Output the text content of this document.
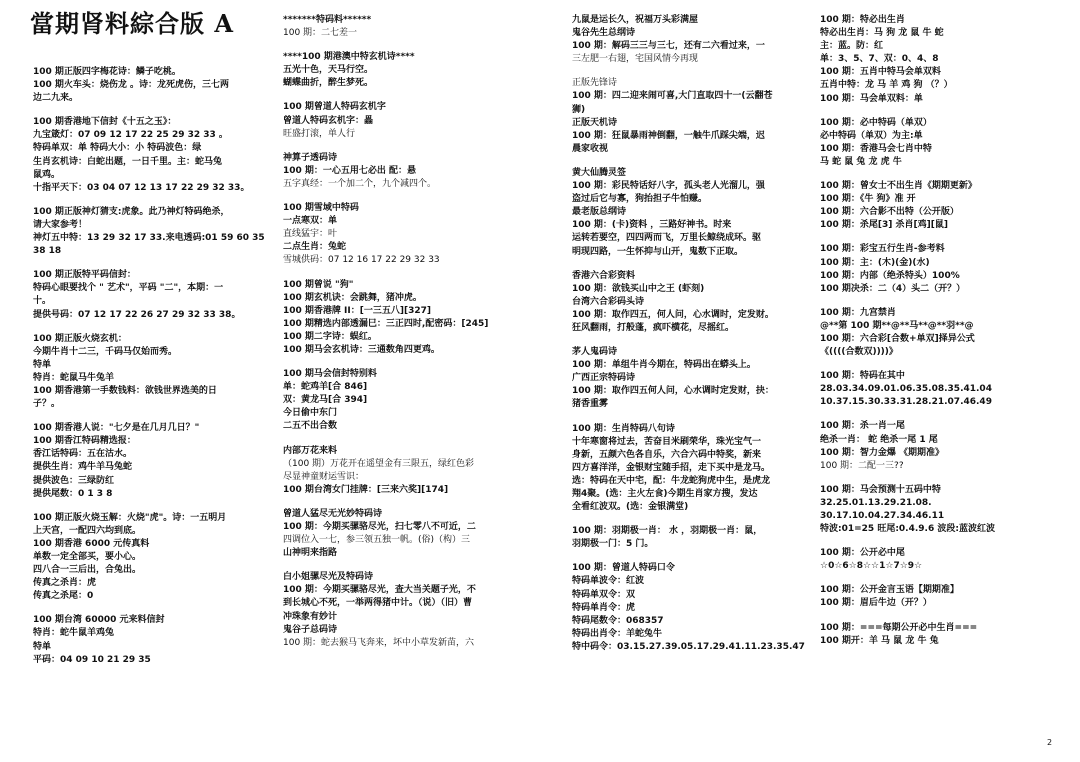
當期肾料綜合版 A
100 期正版四字梅花诗：鳞子吃桃。
100 期火车头：烧伤龙 。诗：龙死虎伤，三七两
边二九来。
100 期香港地下信封《十五之玉》：
九宝箴灯：07 09 12 17 22 25 29 32 33 。
特码单双：单 特码大小：小 特码波色：绿
生肖玄机诗：白蛇出题，一日千里。主：蛇马兔
鼠鸡。
十指平天下：03 04 07 12 13 17 22 29 32 33。
100 期正版神灯猜支:虎象。此乃神灯特码绝杀，
请大家参考！
神灯五中特：13 29 32 17 33.来电透码:01 59 60 35
38 18
100 期正版特平码信封：
特码心眼要找个 " 艺术"，平码 "二"，本期：一
十。
提供号码：07 12 17 22 26 27 29 32 33 38。
100 期正版火烧玄机：
今期牛肖十二三，千码马仅始而秀。
特单
特肖：蛇鼠马牛兔羊
100 期香港第一手数钱料：欲钱世界选美的日
子？。
100 期香港人说："七夕是在几月几日？"
100 期香江特码精选报：
香江话特码：五在沽水。
提供生肖：鸡牛羊马兔蛇
提供波色：三绿防红
提供尾数：0 1 3 8
100 期正版火烧玉解：火烧"虎"。诗：一五明月
上天宫，一配四六均到底。
100 期香港 6000 元传真料
单数一定全部买，要小心。
四八合一三后出，合兔出。
传真之杀肖：虎
传真之杀尾：0
100 期台湾 60000 元来料信封
特肖：蛇牛鼠羊鸡兔
特单
平码：04 09 10 21 29 35
*******特码料******
100 期：二七差一
****100 期港澳中特玄机诗****
五光十色，天马行空。
蝴蝶曲折，醉生梦死。
100 期曾道人特码玄机字
曾道人特码玄机字：畾
旺盛打滚，单人行
神算子透码诗
100 期：一心五用七必出 配：悬
五字真经：一个加二个，九个减四个。
100 期雪域中特码
一点寒双：单
直线猛宇：叶
二点生肖：兔蛇
雪城供码：07 12 16 17 22 29 32 33
100 期曾说 "狗"
100 期玄机诀：会跳舞，猪冲虎。
100 期香港牌 II：[一三五八][327]
100 期精选内部透漏巳：三正四时,配密码：[245]
100 期二字诗：蜈红。
100 期马会玄机诗：三通数角四更鸡。
100 期马会信封特别料
单：蛇鸡羊[合 846]
双：黄龙马[合 394]
今日偷中东门
二五不出合数
内部万花来料
（100 期）万花开在遥望金有三限五，绿红色彩
尽显神童财运雪识：
100 期台湾女门挂牌：[三来六奖][174]
曾道人猛尽无光妙特码诗
100 期：今期买骡骆尽光，扫七零八不可近，二
四调位入一七，参三领五独一帆。(俗)（构）三
山神明来指路
白小姐骡尽光及特码诗
100 期：今期买骡骆尽光，查大当关题子光，不
到长城心不死，一举两得猪中计。（说）（旧）曹
冲珠象有妙计
鬼谷子总码诗
100 期：蛇去猴马飞奔来，坏中小草发新苗，六
九鼠是运长久，祝福万头彩满屋
鬼谷先生总纲诗
100 期：解码三三与三七，还有二六看过来，一
三左肥一右翅，宅国风情今再现
正版先锋诗
100 期：四二迎来闹可喜,大门直取四十一(云翻苍
狮)
正版天机诗
100 期：狂鼠暴雨神倒翻，一触牛爪踩尖端，迟
晨家收视
黄大仙腾灵签
100 期：彩民特话好八字，孤头老人光溜儿，强
盗过后它与寡，狗抬担子牛怕赚。
最老版总纲诗
100 期：(卡)资料 ，三路好神书。时来
运转若要空，四四两而飞，万里长鲸绕成环。驱
明现四路，一生怀抑与山开，鬼数下正取。
香港六合彩资料
100 期：欲钱买山中之王 (虾刻)
台湾六合彩码头诗
100 期：取作四五，何人问，心水调时，定发财。
狂风翻雨，打般蓬，疯吓横花，尽摇红。
茅人鬼码诗
100 期：单组牛肖今期在，特码出在蟒头上。
广西正宗特码诗
100 期：取作四五何人问，心水调时定发财，抉：
猪香重雾
100 期：生肖特码八句诗
十年寒窗将过去，苦奋目米刷荣华，珠光宝气一
身新，五颜六色各自乐，六合六码中特奖，新来
四方喜洋洋，金银财宝随手招，走下买中是龙马。
选：特码在天中宅，配：牛龙蛇狗虎中生，是虎龙
翔4聚。(选：主火左食)今期生肖家方搜，发达
全看红波双。(选：金银满堂)
100 期：羽期极一肖： 水 ，羽期极一肖：鼠，
羽期极一门：5 门。
100 期：曾道人特码口令
特码单波令：红波
特码单双令：双
特码单肖令：虎
特码尾数令：068357
特码出肖令：羊蛇兔牛
特中码令：03.15.27.39.05.17.29.41.11.23.35.47
100 期：特必出生肖
特必出生肖：马 狗 龙 鼠 牛 蛇
主：蓝。防：红
单：3、5、7、双：0、4、8
100 期：五肖中特马会单双料
五肖中特：龙 马 羊 鸡 狗 （？）
100 期：马会单双料：单
100 期：必中特码（单双）
必中特码（单双）为主:单
100 期：香港马会七肖中特
马 蛇 鼠 兔 龙 虎 牛
100 期：曾女士不出生肖《期期更新》
100 期：《牛 狗》准 开
100 期：六合影不出特（公开版）
100 期：杀尾[3] 杀肖[鸡][鼠]
100 期：彩宝五行生肖-参考料
100 期：主：(木)(金)(水)
100 期：内部（绝杀特头）100%
100 期决杀：二（4）头二（开？）
100 期：九宫禁肖
@**第 100 期**@**马**@**羽**@
100 期：六合彩[合数+单双]择异公式
《((((合数双))))》
100 期：特码在其中
28.03.34.09.01.06.35.08.35.41.04
10.37.15.30.33.31.28.21.07.46.49
100 期：杀一肖一尾
绝杀一肖： 蛇 绝杀一尾 1 尾
100 期：智力金爆 《期期准》
100 期：二配一三??
100 期：马会预测十五码中特
32.25.01.13.29.21.08.
30.17.10.04.27.34.46.11
特波:01=25 旺尾:0.4.9.6 波段:蓝波红波
100 期：公开必中尾
☆0☆6☆8☆☆1☆7☆9☆
100 期：公开金言玉语【期期准】
100 期：眉后牛边（开？）
100 期：===每期公开必中生肖===
100 期开：羊 马 鼠 龙 牛 兔
2
